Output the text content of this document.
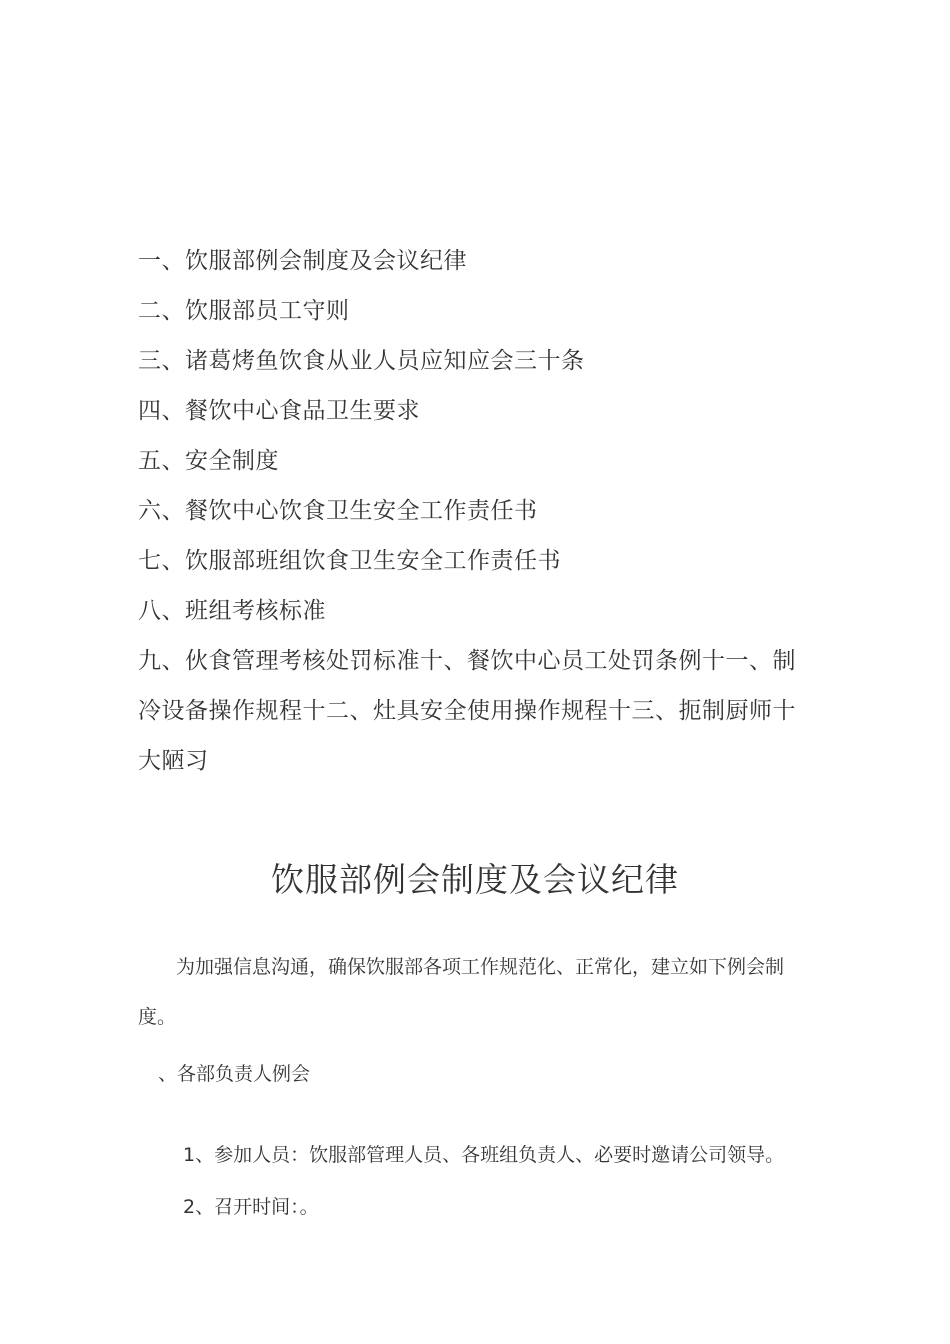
一、饮服部例会制度及会议纪律
二、饮服部员工守则
三、诸葛烤鱼饮食从业人员应知应会三十条
四、餐饮中心食品卫生要求
五、安全制度
六、餐饮中心饮食卫生安全工作责任书
七、饮服部班组饮食卫生安全工作责任书
八、班组考核标准
九、伙食管理考核处罚标准十、餐饮中心员工处罚条例十一、制冷设备操作规程十二、灶具安全使用操作规程十三、扼制厨师十大陋习
饮服部例会制度及会议纪律

为加强信息沟通，确保饮服部各项工作规范化、正常化，建立如下例会制度。

、各部负责人例会

1、参加人员：饮服部管理人员、各班组负责人、必要时邀请公司领导。

2、召开时间：。
